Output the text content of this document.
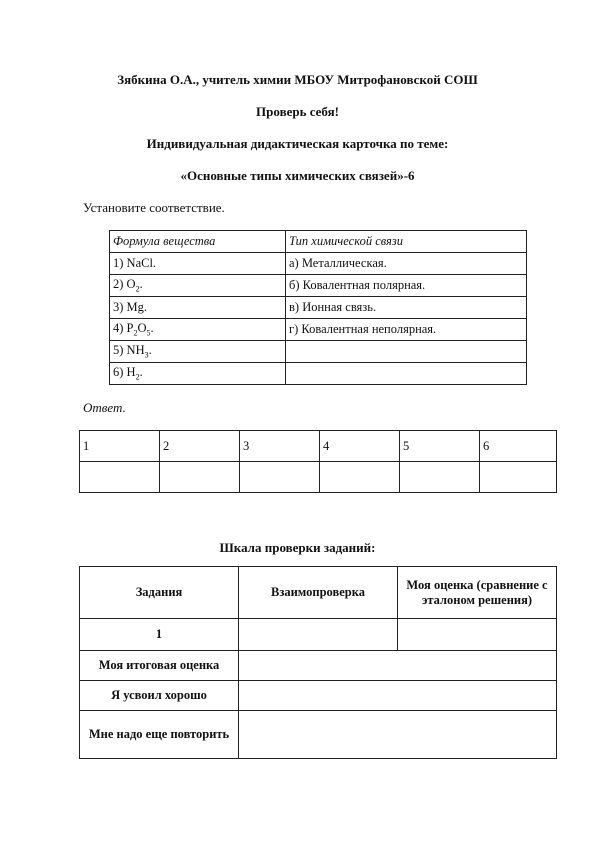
Зябкина О.А., учитель химии МБОУ Митрофановской СОШ

Проверь себя!

Индивидуальная дидактическая карточка по теме:

«Основные типы химических связей»-6

Установите соответствие.

Формула вещества	Тип химической связи
1) NaCl.	а) Металлическая.
2) $O_2$.	б) Ковалентная полярная.
3) Mg.	в) Ионная связь.
4) $P_2O_5$.	г) Ковалентная неполярная.
5) $NH_3$.	
6) $H_2$.	

Ответ.

1	2	3	4	5	6

Шкала проверки заданий:

Задания	Взаимопроверка	Моя оценка (сравнение с эталоном решения)
1		
Моя итоговая оценка		
Я усвоил хорошо		
Мне надо еще повторить		
